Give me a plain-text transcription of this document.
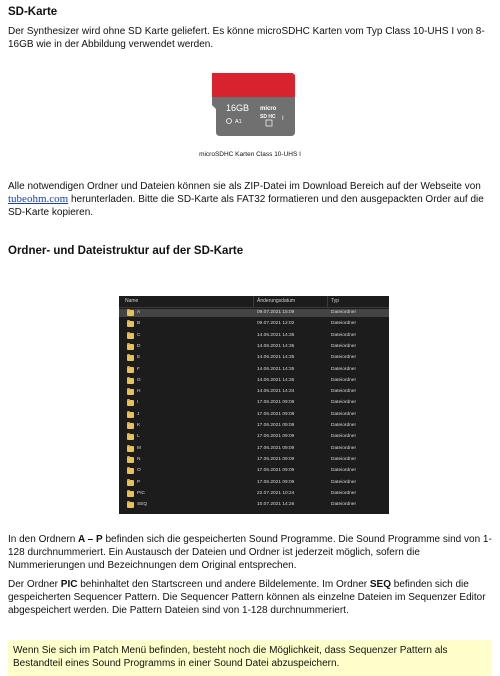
SD-Karte
Der Synthesizer wird ohne SD Karte geliefert. Es könne microSDHC Karten vom Typ Class 10-UHS I von 8-16GB wie in der Abbildung verwendet werden.
16GB micro
SD HC I
A1
microSDHC Karten Class 10-UHS I
Alle notwendigen Ordner und Dateien können sie als ZIP-Datei im Download Bereich auf der Webseite von tubeohm.com herunterladen. Bitte die SD-Karte als FAT32 formatieren und den ausgepackten Order auf die SD-Karte kopieren.
Ordner- und Dateistruktur auf der SD-Karte
Name	Änderungsdatum	Typ
A	09.07.2021 15:09	Dateiordner
B	09.07.2021 12:02	Dateiordner
C	14.06.2021 14:35	Dateiordner
D	14.06.2021 14:35	Dateiordner
E	14.06.2021 14:35	Dateiordner
F	14.06.2021 14:35	Dateiordner
G	14.06.2021 14:35	Dateiordner
H	14.06.2021 14:34	Dateiordner
I	17.06.2021 09:08	Dateiordner
J	17.06.2021 09:08	Dateiordner
K	17.06.2021 09:08	Dateiordner
L	17.06.2021 09:09	Dateiordner
M	17.06.2021 09:09	Dateiordner
N	17.06.2021 09:09	Dateiordner
O	17.06.2021 09:09	Dateiordner
P	17.06.2021 09:09	Dateiordner
PIC	22.07.2021 10:24	Dateiordner
SEQ	10.07.2021 14:26	Dateiordner
In den Ordnern A – P befinden sich die gespeicherten Sound Programme. Die Sound Programme sind von 1-128 durchnummeriert. Ein Austausch der Dateien und Ordner ist jederzeit möglich, sofern die Nummerierungen und Bezeichnungen dem Original entsprechen.
Der Ordner PIC behinhaltet den Startscreen und andere Bildelemente. Im Ordner SEQ befinden sich die gespeicherten Sequencer Pattern. Die Sequencer Pattern können als einzelne Dateien im Sequenzer Editor abgespeichert werden. Die Pattern Dateien sind von 1-128 durchnummeriert.
Wenn Sie sich im Patch Menü befinden, besteht noch die Möglichkeit, dass Sequenzer Pattern als Bestandteil eines Sound Programms in einer Sound Datei abzuspeichern.
